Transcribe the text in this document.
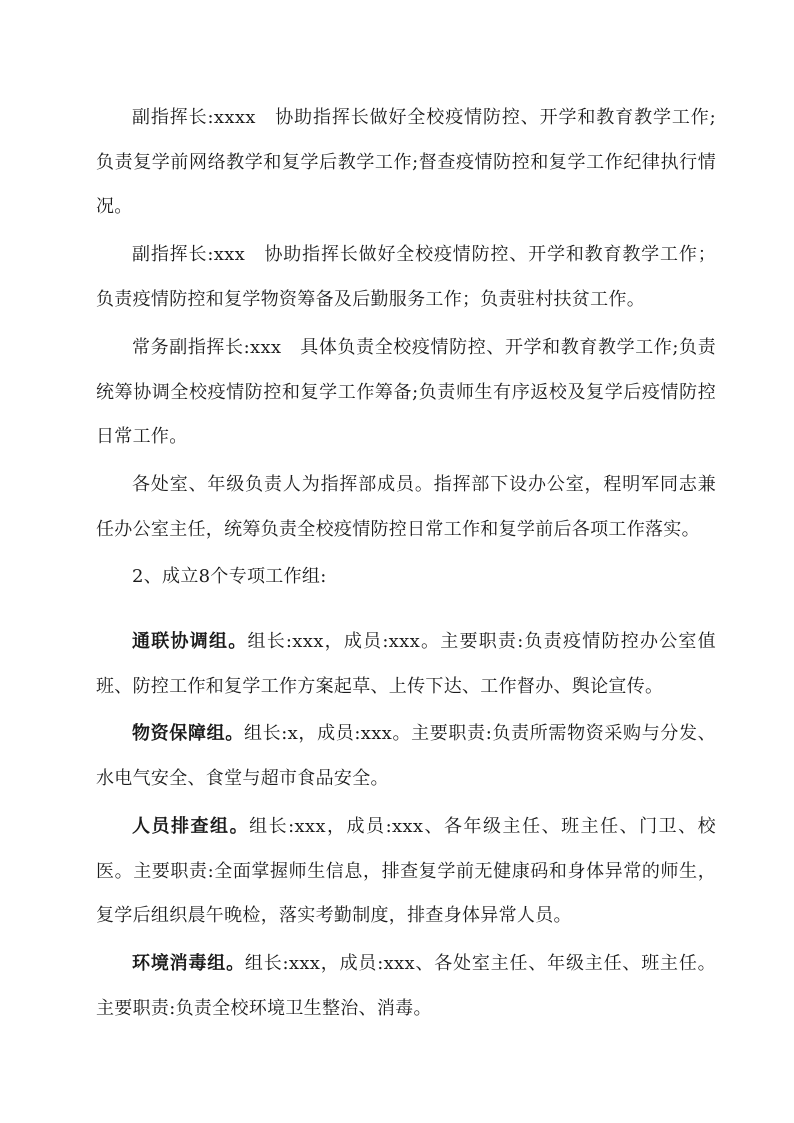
副指挥长:xxxx　协助指挥长做好全校疫情防控、开学和教育教学工作;负责复学前网络教学和复学后教学工作;督查疫情防控和复学工作纪律执行情况。

副指挥长:xxx　协助指挥长做好全校疫情防控、开学和教育教学工作；负责疫情防控和复学物资筹备及后勤服务工作；负责驻村扶贫工作。

常务副指挥长:xxx　具体负责全校疫情防控、开学和教育教学工作;负责统筹协调全校疫情防控和复学工作筹备;负责师生有序返校及复学后疫情防控日常工作。

各处室、年级负责人为指挥部成员。指挥部下设办公室，程明军同志兼任办公室主任，统筹负责全校疫情防控日常工作和复学前后各项工作落实。

2、成立8个专项工作组:

通联协调组。组长:xxx，成员:xxx。主要职责:负责疫情防控办公室值班、防控工作和复学工作方案起草、上传下达、工作督办、舆论宣传。

物资保障组。组长:x，成员:xxx。主要职责:负责所需物资采购与分发、水电气安全、食堂与超市食品安全。

人员排查组。组长:xxx，成员:xxx、各年级主任、班主任、门卫、校医。主要职责:全面掌握师生信息，排查复学前无健康码和身体异常的师生，复学后组织晨午晚检，落实考勤制度，排查身体异常人员。

环境消毒组。组长:xxx，成员:xxx、各处室主任、年级主任、班主任。主要职责:负责全校环境卫生整治、消毒。
